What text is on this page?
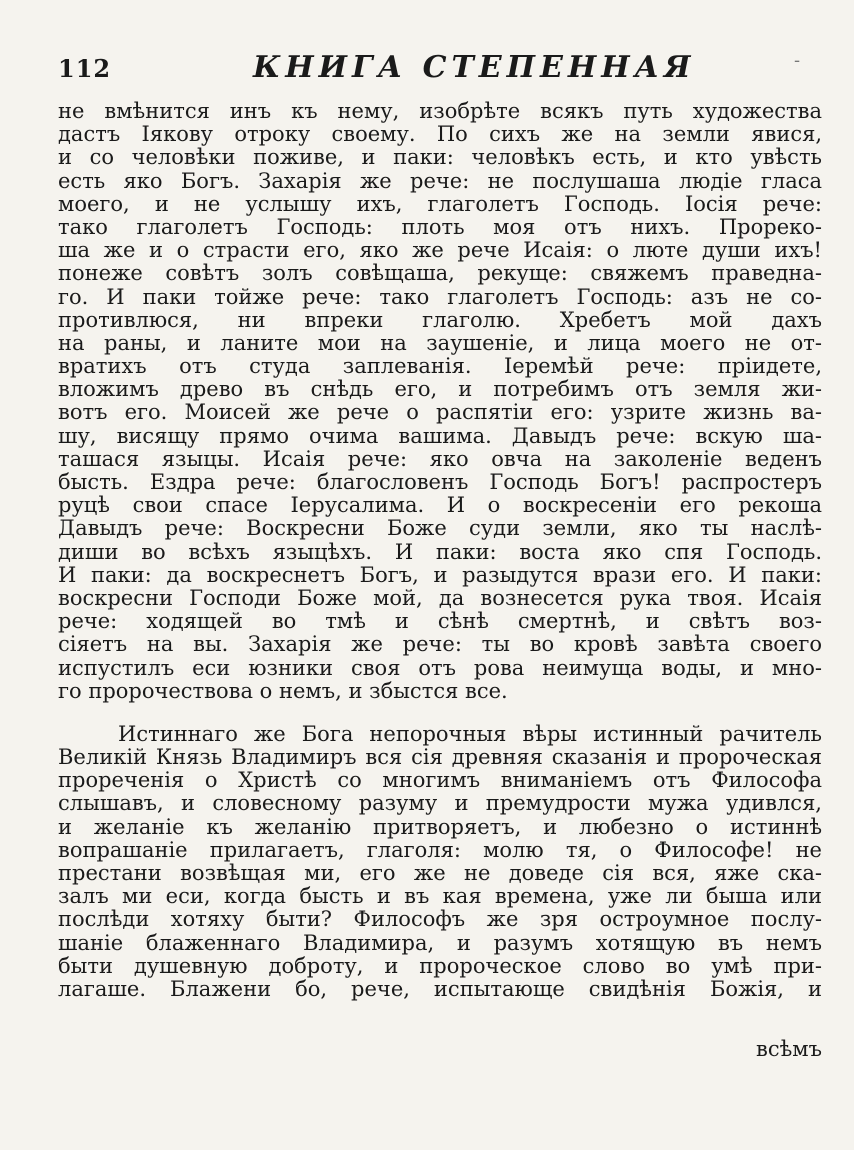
112	КНИГА СТЕПЕННАЯ	-
не вмѣнится инъ къ нему, изобрѣте всякъ путь художества
дастъ Іякову отроку своему. По сихъ же на земли явися,
и со человѣки поживе, и паки: человѣкъ есть, и кто увѣсть
есть яко Богъ. Захарія же рече: не послушаша людіе гласа
моего, и не услышу ихъ, глаголетъ Господь. Іосія рече:
тако глаголетъ Господь: плоть моя отъ нихъ. Прореко-
ша же и о страсти его, яко же рече Исаія: о люте души ихъ!
понеже совѣтъ золъ совѣщаша, рекуще: свяжемъ праведна-
го. И паки тойже рече: тако глаголетъ Господь: азъ не со-
противлюся, ни впреки глаголю. Хребетъ мой дахъ
на раны, и ланите мои на заушеніе, и лица моего не от-
вратихъ отъ студа заплеванія. Іеремѣй рече: пріидете,
вложимъ древо въ снѣдь его, и потребимъ отъ земля жи-
вотъ его. Моисей же рече о распятіи его: узрите жизнь ва-
шу, висящу прямо очима вашима. Давыдъ рече: вскую ша-
ташася языцы. Исаія рече: яко овча на заколеніе веденъ
бысть. Ездра рече: благословенъ Господь Богъ! распростеръ
руцѣ свои спасе Іерусалима. И о воскресеніи его рекоша
Давыдъ рече: Воскресни Боже суди земли, яко ты наслѣ-
диши во всѣхъ языцѣхъ. И паки: воста яко спя Господь.
И паки: да воскреснетъ Богъ, и разыдутся врази его. И паки:
воскресни Господи Боже мой, да вознесется рука твоя. Исаія
рече: ходящей во тмѣ и сѣнѣ смертнѣ, и свѣтъ воз-
сіяетъ на вы. Захарія же рече: ты во кровѣ завѣта своего
испустилъ еси юзники своя отъ рова неимуща воды, и мно-
го пророчествова о немъ, и збыстся все.
Истиннаго же Бога непорочныя вѣры истинный рачитель
Великій Князь Владимиръ вся сія древняя сказанія и пророческая
прореченія о Христѣ со многимъ вниманіемъ отъ Философа
слышавъ, и словесному разуму и премудрости мужа удивлся,
и желаніе къ желанію притворяетъ, и любезно о истиннѣ
вопрашаніе прилагаетъ, глаголя: молю тя, о Философе! не
престани возвѣщая ми, его же не доведе сія вся, яже ска-
залъ ми еси, когда бысть и въ кая времена, уже ли быша или
послѣди хотяху быти? Философъ же зря остроумное послу-
шаніе блаженнаго Владимира, и разумъ хотящую въ немъ
быти душевную доброту, и пророческое слово во умѣ при-
лагаше. Блажени бо, рече, испытающе свидѣнія Божія, и
всѣмъ
